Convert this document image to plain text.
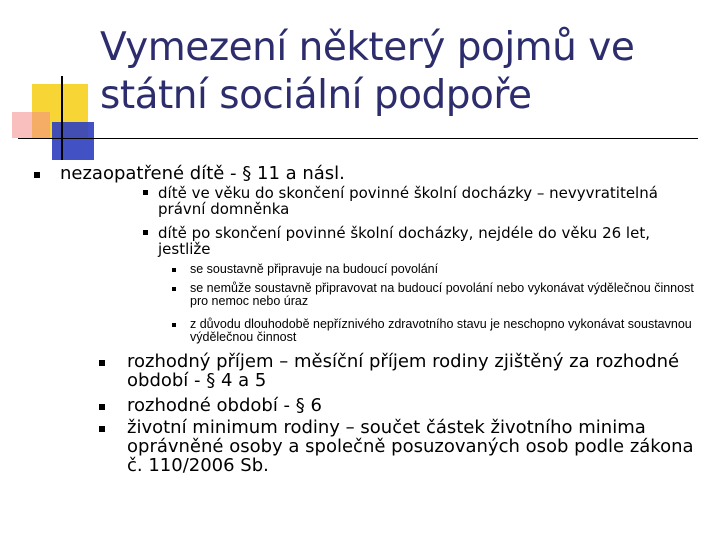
Vymezení některý pojmů ve státní sociální podpoře
nezaopatřené dítě - § 11 a násl.
dítě ve věku do skončení povinné školní docházky – nevyvratitelná právní domněnka
dítě po skončení povinné školní docházky, nejdéle do věku 26 let, jestliže
se soustavně připravuje na budoucí povolání
se nemůže soustavně připravovat na budoucí povolání nebo vykonávat výdělečnou činnost pro nemoc nebo úraz
z důvodu dlouhodobě nepříznivého zdravotního stavu je neschopno vykonávat soustavnou výdělečnou činnost
rozhodný příjem – měsíční příjem rodiny zjištěný za rozhodné období - § 4 a 5
rozhodné období - § 6
životní minimum rodiny – součet částek životního minima oprávněné osoby a společně posuzovaných osob podle zákona č. 110/2006 Sb.
